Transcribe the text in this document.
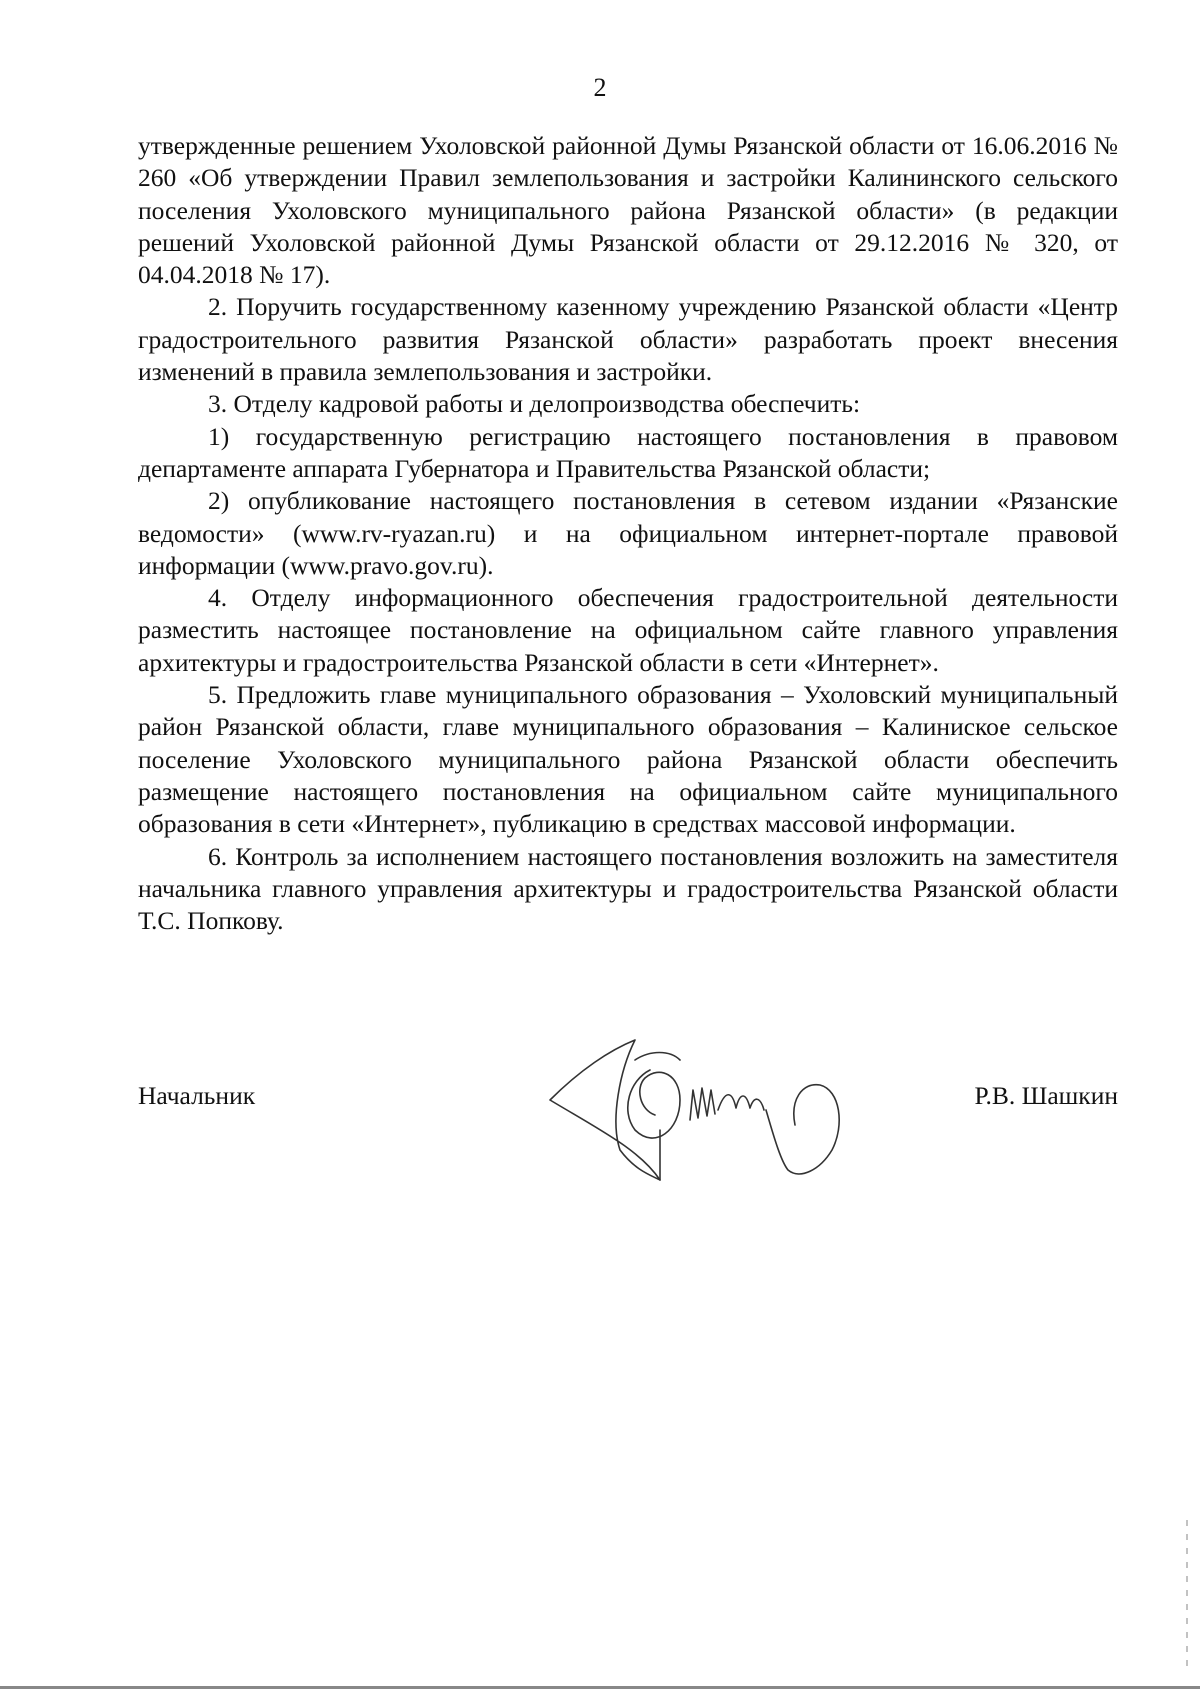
2

утвержденные решением Ухоловской районной Думы Рязанской области от 16.06.2016 № 260 «Об утверждении Правил землепользования и застройки Калининского сельского поселения Ухоловского муниципального района Рязанской области» (в редакции решений Ухоловской районной Думы Рязанской области от 29.12.2016 № 320, от 04.04.2018 № 17).

2. Поручить государственному казенному учреждению Рязанской области «Центр градостроительного развития Рязанской области» разработать проект внесения изменений в правила землепользования и застройки.

3. Отделу кадровой работы и делопроизводства обеспечить:

1) государственную регистрацию настоящего постановления в правовом департаменте аппарата Губернатора и Правительства Рязанской области;

2) опубликование настоящего постановления в сетевом издании «Рязанские ведомости» (www.rv-ryazan.ru) и на официальном интернет-портале правовой информации (www.pravo.gov.ru).

4. Отделу информационного обеспечения градостроительной деятельности разместить настоящее постановление на официальном сайте главного управления архитектуры и градостроительства Рязанской области в сети «Интернет».

5. Предложить главе муниципального образования – Ухоловский муниципальный район Рязанской области, главе муниципального образования – Калиниское сельское поселение Ухоловского муниципального района Рязанской области обеспечить размещение настоящего постановления на официальном сайте муниципального образования в сети «Интернет», публикацию в средствах массовой информации.

6. Контроль за исполнением настоящего постановления возложить на заместителя начальника главного управления архитектуры и градостроительства Рязанской области Т.С. Попкову.

Начальник	Р.В. Шашкин
